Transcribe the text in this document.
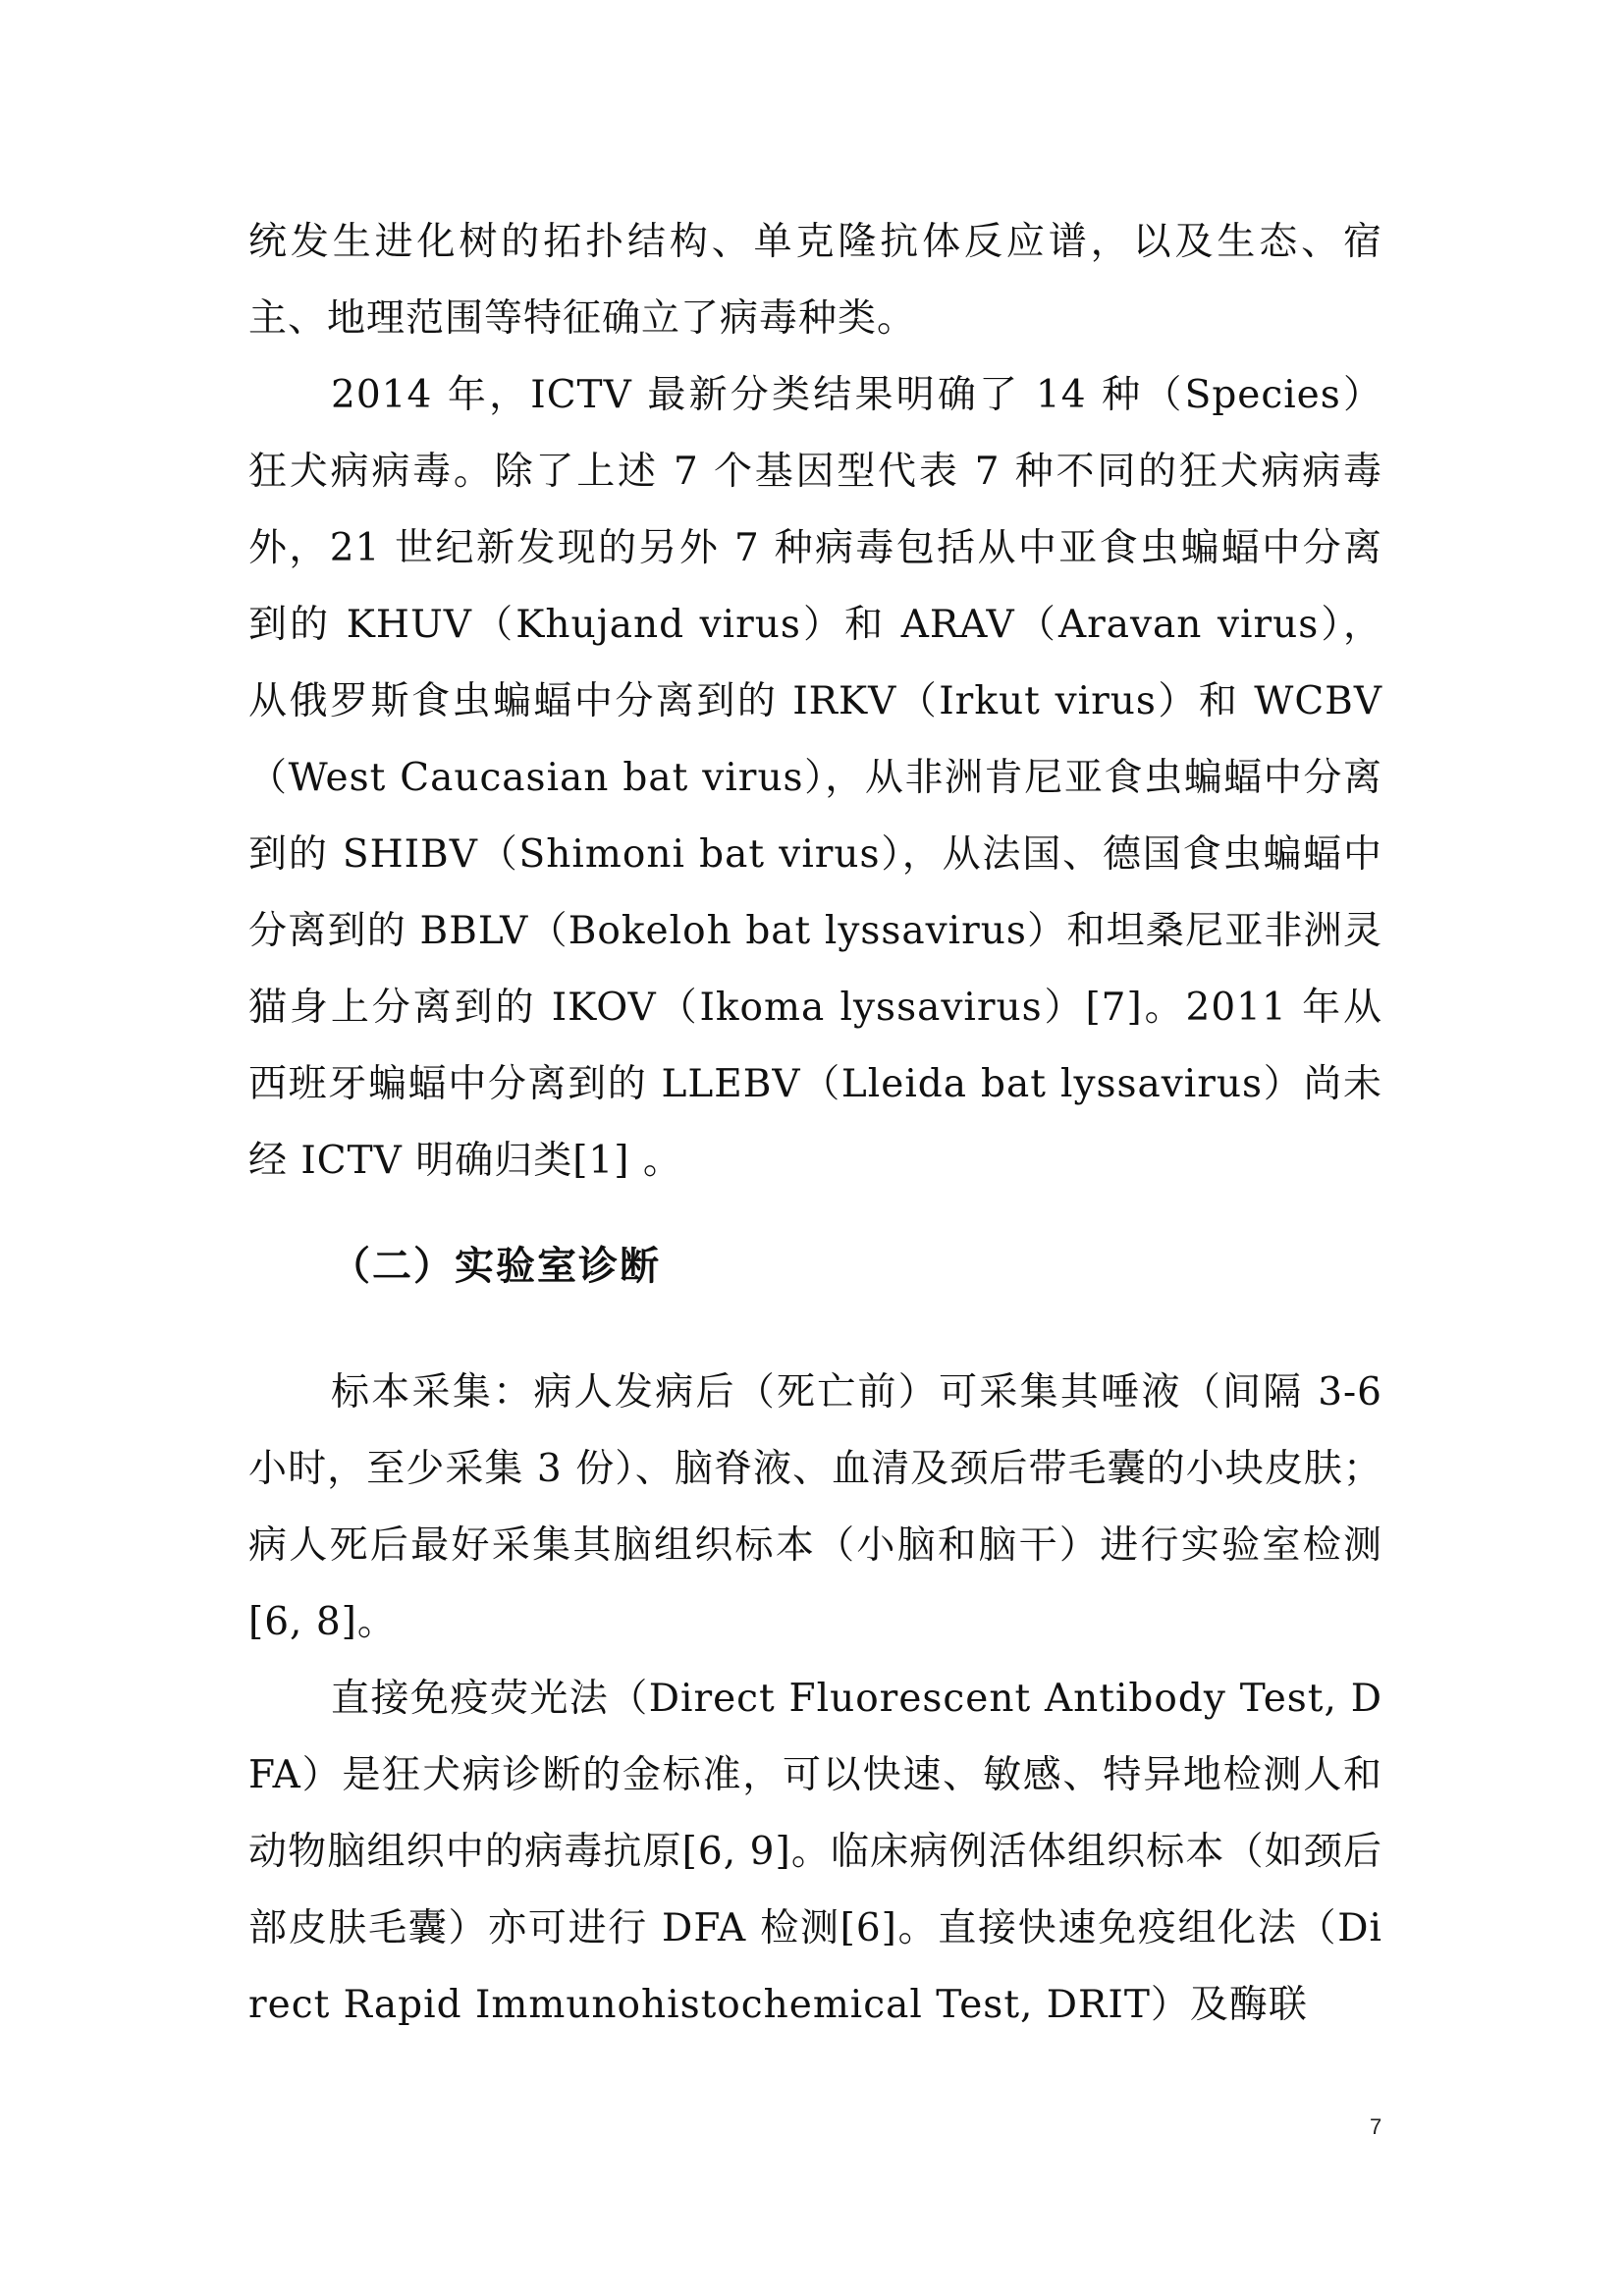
统发生进化树的拓扑结构、单克隆抗体反应谱，以及生态、宿主、地理范围等特征确立了病毒种类。

2014 年，ICTV 最新分类结果明确了 14 种（Species）狂犬病病毒。除了上述 7 个基因型代表 7 种不同的狂犬病病毒外，21 世纪新发现的另外 7 种病毒包括从中亚食虫蝙蝠中分离到的 KHUV（Khujand virus）和 ARAV（Aravan virus），从俄罗斯食虫蝙蝠中分离到的 IRKV（Irkut virus）和 WCBV（West Caucasian bat virus），从非洲肯尼亚食虫蝙蝠中分离到的 SHIBV（Shimoni bat virus），从法国、德国食虫蝙蝠中分离到的 BBLV（Bokeloh bat lyssavirus）和坦桑尼亚非洲灵猫身上分离到的 IKOV（Ikoma lyssavirus）[7]。2011 年从西班牙蝙蝠中分离到的 LLEBV（Lleida bat lyssavirus）尚未经 ICTV 明确归类[1] 。

（二）实验室诊断

标本采集：病人发病后（死亡前）可采集其唾液（间隔 3-6 小时，至少采集 3 份）、脑脊液、血清及颈后带毛囊的小块皮肤；病人死后最好采集其脑组织标本（小脑和脑干）进行实验室检测[6, 8]。

直接免疫荧光法（Direct Fluorescent Antibody Test, DFA）是狂犬病诊断的金标准，可以快速、敏感、特异地检测人和动物脑组织中的病毒抗原[6, 9]。临床病例活体组织标本（如颈后部皮肤毛囊）亦可进行 DFA 检测[6]。直接快速免疫组化法（Direct Rapid Immunohistochemical Test, DRIT）及酶联

7
